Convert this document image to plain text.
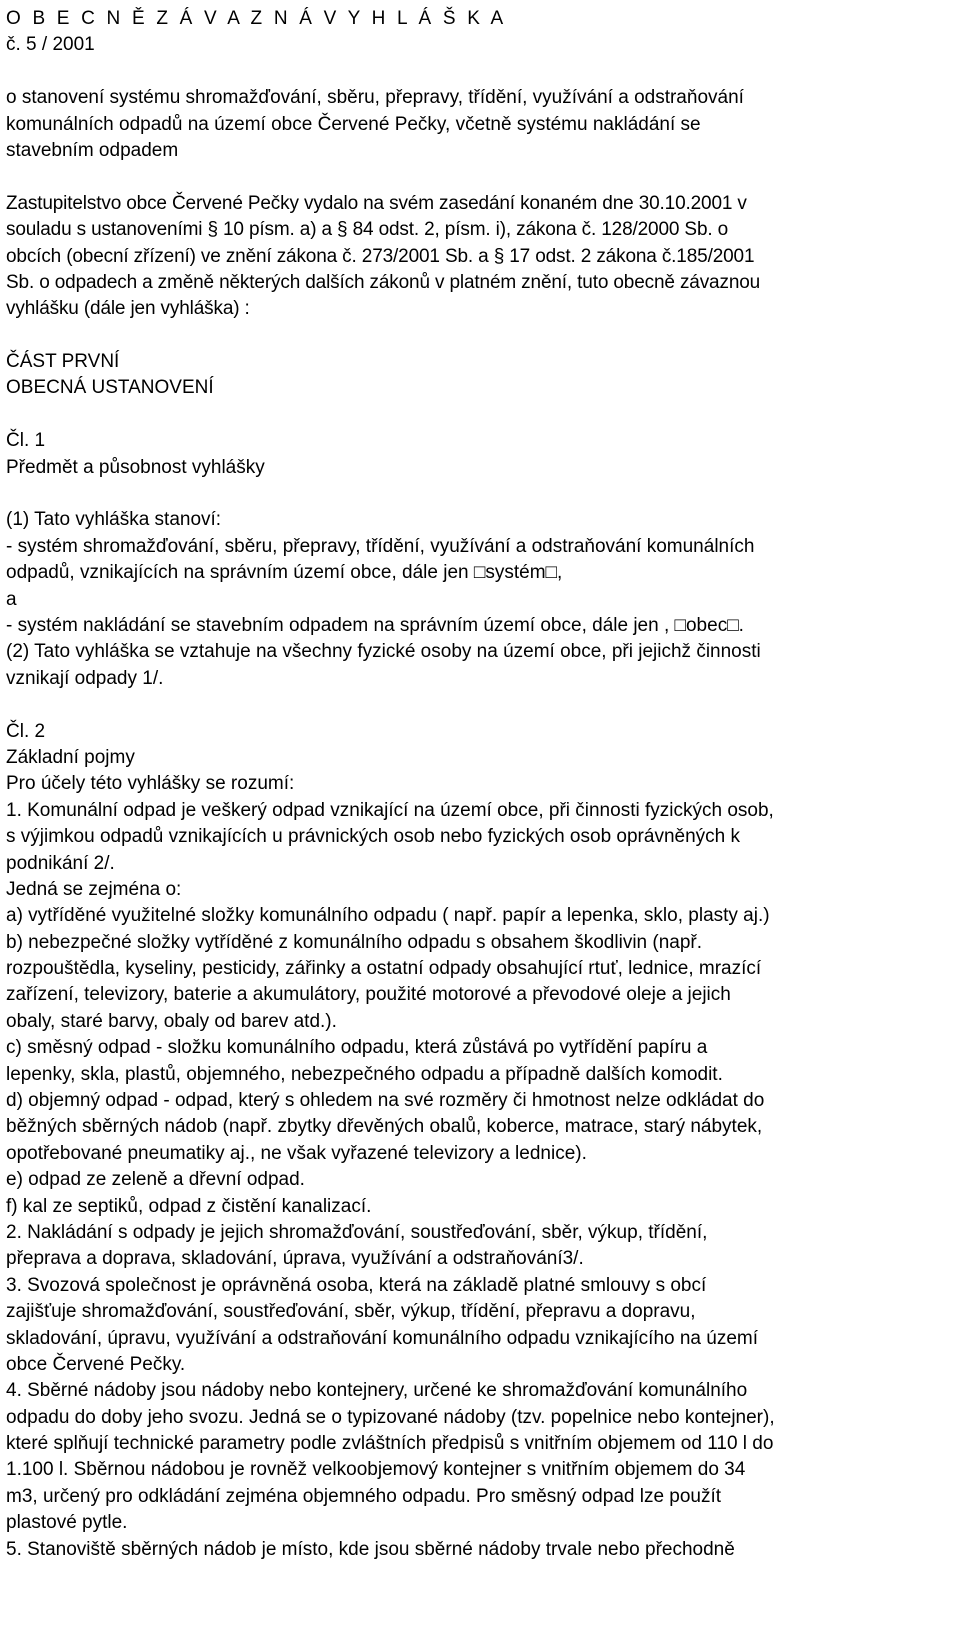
O B E C N Ě Z Á V A Z N Á V Y H L Á Š K A
č. 5 / 2001
o stanovení systému shromažďování, sběru, přepravy, třídění, využívání a odstraňování
komunálních odpadů na území obce Červené Pečky, včetně systému nakládání se
stavebním odpadem
Zastupitelstvo obce Červené Pečky vydalo na svém zasedání konaném dne 30.10.2001 v
souladu s ustanoveními § 10 písm. a) a § 84 odst. 2, písm. i), zákona č. 128/2000 Sb. o
obcích (obecní zřízení) ve znění zákona č. 273/2001 Sb. a § 17 odst. 2 zákona č.185/2001
Sb. o odpadech a změně některých dalších zákonů v platném znění, tuto obecně závaznou
vyhlášku (dále jen vyhláška) :
ČÁST PRVNÍ
OBECNÁ USTANOVENÍ
Čl. 1
Předmět a působnost vyhlášky
(1) Tato vyhláška stanoví:
- systém shromažďování, sběru, přepravy, třídění, využívání a odstraňování komunálních
odpadů, vznikajících na správním území obce, dále jen □systém□,
a
- systém nakládání se stavebním odpadem na správním území obce, dále jen , □obec□.
(2) Tato vyhláška se vztahuje na všechny fyzické osoby na území obce, při jejichž činnosti
vznikají odpady 1/.
Čl. 2
Základní pojmy
Pro účely této vyhlášky se rozumí:
1. Komunální odpad je veškerý odpad vznikající na území obce, při činnosti fyzických osob,
s výjimkou odpadů vznikajících u právnických osob nebo fyzických osob oprávněných k
podnikání 2/.
Jedná se zejména o:
a) vytříděné využitelné složky komunálního odpadu ( např. papír a lepenka, sklo, plasty aj.)
b) nebezpečné složky vytříděné z komunálního odpadu s obsahem škodlivin (např.
rozpouštědla, kyseliny, pesticidy, zářinky a ostatní odpady obsahující rtuť, lednice, mrazící
zařízení, televizory, baterie a akumulátory, použité motorové a převodové oleje a jejich
obaly, staré barvy, obaly od barev atd.).
c) směsný odpad - složku komunálního odpadu, která zůstává po vytřídění papíru a
lepenky, skla, plastů, objemného, nebezpečného odpadu a případně dalších komodit.
d) objemný odpad - odpad, který s ohledem na své rozměry či hmotnost nelze odkládat do
běžných sběrných nádob (např. zbytky dřevěných obalů, koberce, matrace, starý nábytek,
opotřebované pneumatiky aj., ne však vyřazené televizory a lednice).
e) odpad ze zeleně a dřevní odpad.
f) kal ze septiků, odpad z čistění kanalizací.
2. Nakládání s odpady je jejich shromažďování, soustřeďování, sběr, výkup, třídění,
přeprava a doprava, skladování, úprava, využívání a odstraňování3/.
3. Svozová společnost je oprávněná osoba, která na základě platné smlouvy s obcí
zajišťuje shromažďování, soustřeďování, sběr, výkup, třídění, přepravu a dopravu,
skladování, úpravu, využívání a odstraňování komunálního odpadu vznikajícího na území
obce Červené Pečky.
4. Sběrné nádoby jsou nádoby nebo kontejnery, určené ke shromažďování komunálního
odpadu do doby jeho svozu. Jedná se o typizované nádoby (tzv. popelnice nebo kontejner),
které splňují technické parametry podle zvláštních předpisů s vnitřním objemem od 110 l do
1.100 l. Sběrnou nádobou je rovněž velkoobjemový kontejner s vnitřním objemem do 34
m3, určený pro odkládání zejména objemného odpadu. Pro směsný odpad lze použít
plastové pytle.
5. Stanoviště sběrných nádob je místo, kde jsou sběrné nádoby trvale nebo přechodně
